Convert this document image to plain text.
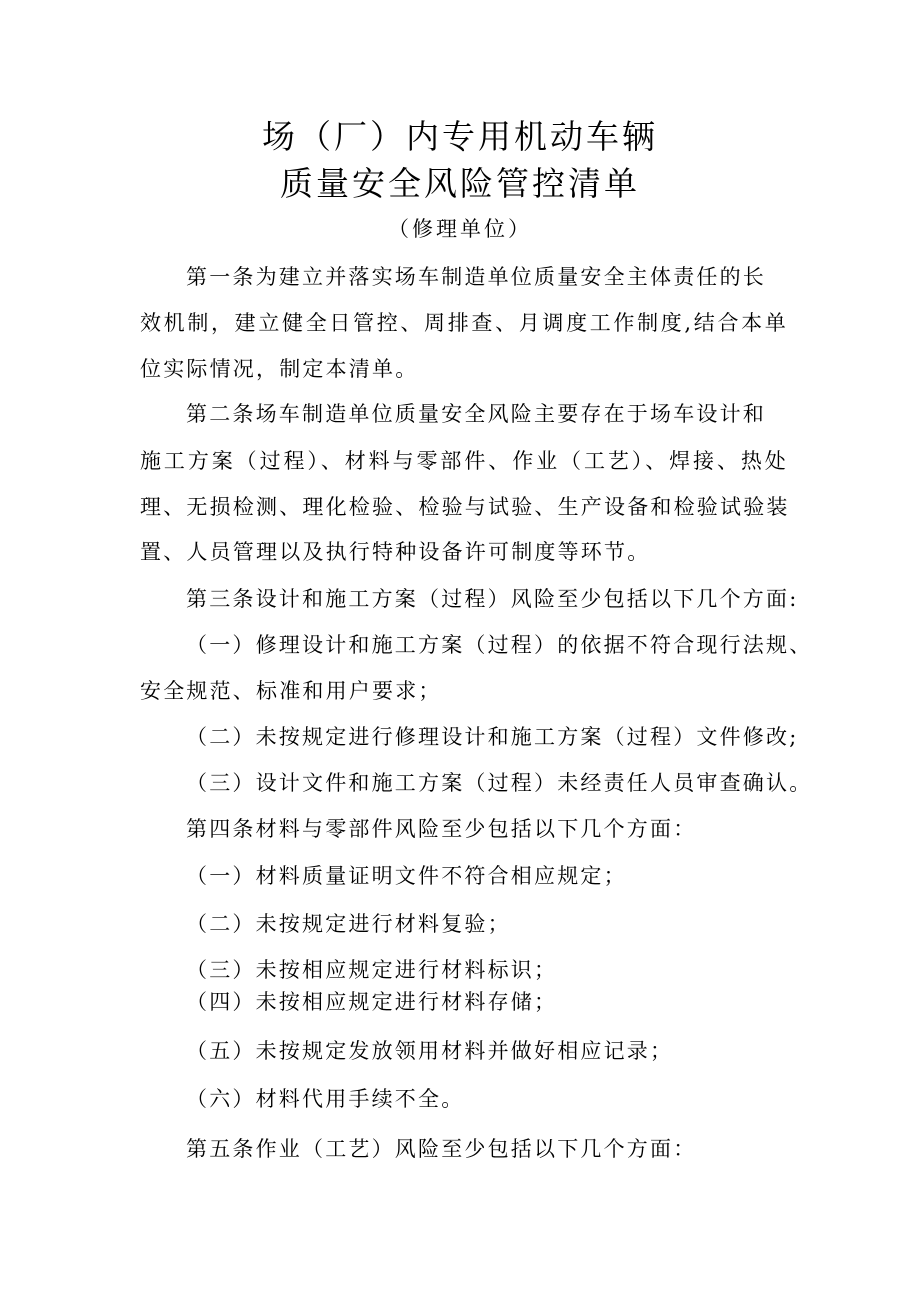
场（厂）内专用机动车辆
质量安全风险管控清单
（修理单位）
第一条为建立并落实场车制造单位质量安全主体责任的长
效机制，建立健全日管控、周排查、月调度工作制度,结合本单
位实际情况，制定本清单。
第二条场车制造单位质量安全风险主要存在于场车设计和
施工方案（过程）、材料与零部件、作业（工艺）、焊接、热处
理、无损检测、理化检验、检验与试验、生产设备和检验试验装
置、人员管理以及执行特种设备许可制度等环节。
第三条设计和施工方案（过程）风险至少包括以下几个方面:
（一）修理设计和施工方案（过程）的依据不符合现行法规、
安全规范、标准和用户要求；
（二）未按规定进行修理设计和施工方案（过程）文件修改;
（三）设计文件和施工方案（过程）未经责任人员审查确认。
第四条材料与零部件风险至少包括以下几个方面：
（一）材料质量证明文件不符合相应规定；
（二）未按规定进行材料复验；
（三）未按相应规定进行材料标识；
（四）未按相应规定进行材料存储；
（五）未按规定发放领用材料并做好相应记录；
（六）材料代用手续不全。
第五条作业（工艺）风险至少包括以下几个方面：
